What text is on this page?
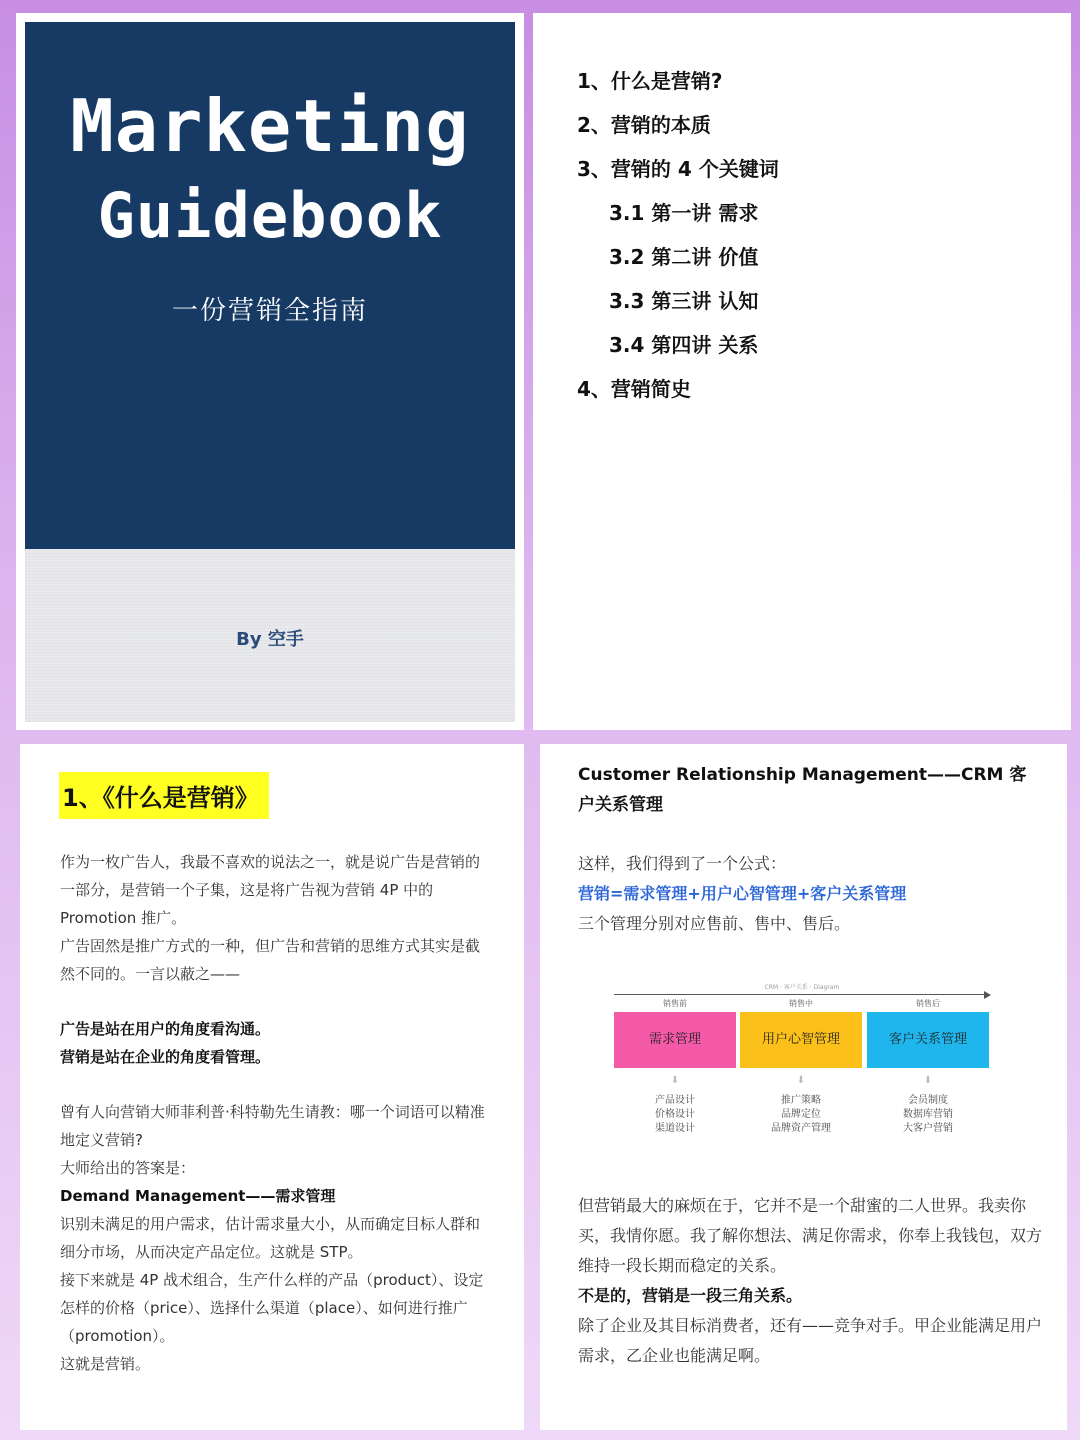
Marketing
Guidebook
一份营销全指南
By 空手
1、什么是营销?
2、营销的本质
3、营销的 4 个关键词
3.1 第一讲 需求
3.2 第二讲 价值
3.3 第三讲 认知
3.4 第四讲 关系
4、营销简史
1、《什么是营销》

作为一枚广告人，我最不喜欢的说法之一，就是说广告是营销的一部分，是营销一个子集，这是将广告视为营销 4P 中的 Promotion 推广。

广告固然是推广方式的一种，但广告和营销的思维方式其实是截然不同的。一言以蔽之——

广告是站在用户的角度看沟通。

营销是站在企业的角度看管理。

曾有人向营销大师菲利普·科特勒先生请教：哪一个词语可以精准地定义营销?

大师给出的答案是：

Demand Management——需求管理

识别未满足的用户需求，估计需求量大小，从而确定目标人群和细分市场，从而决定产品定位。这就是 STP。

接下来就是 4P 战术组合，生产什么样的产品（product）、设定怎样的价格（price）、选择什么渠道（place）、如何进行推广（promotion）。

这就是营销。

Customer Relationship Management——CRM 客户关系管理

这样，我们得到了一个公式：

营销=需求管理+用户心智管理+客户关系管理

三个管理分别对应售前、售中、售后。

CRM · 客户关系 · Diagram
销售前	销售中	销售后
需求管理	用户心智管理	客户关系管理
⬇	⬇	⬇
产品设计
价格设计
渠道设计
推广策略
品牌定位
品牌资产管理
会员制度
数据库营销
大客户营销

但营销最大的麻烦在于，它并不是一个甜蜜的二人世界。我卖你买，我情你愿。我了解你想法、满足你需求，你奉上我钱包，双方维持一段长期而稳定的关系。

不是的，营销是一段三角关系。

除了企业及其目标消费者，还有——竞争对手。甲企业能满足用户需求，乙企业也能满足啊。
